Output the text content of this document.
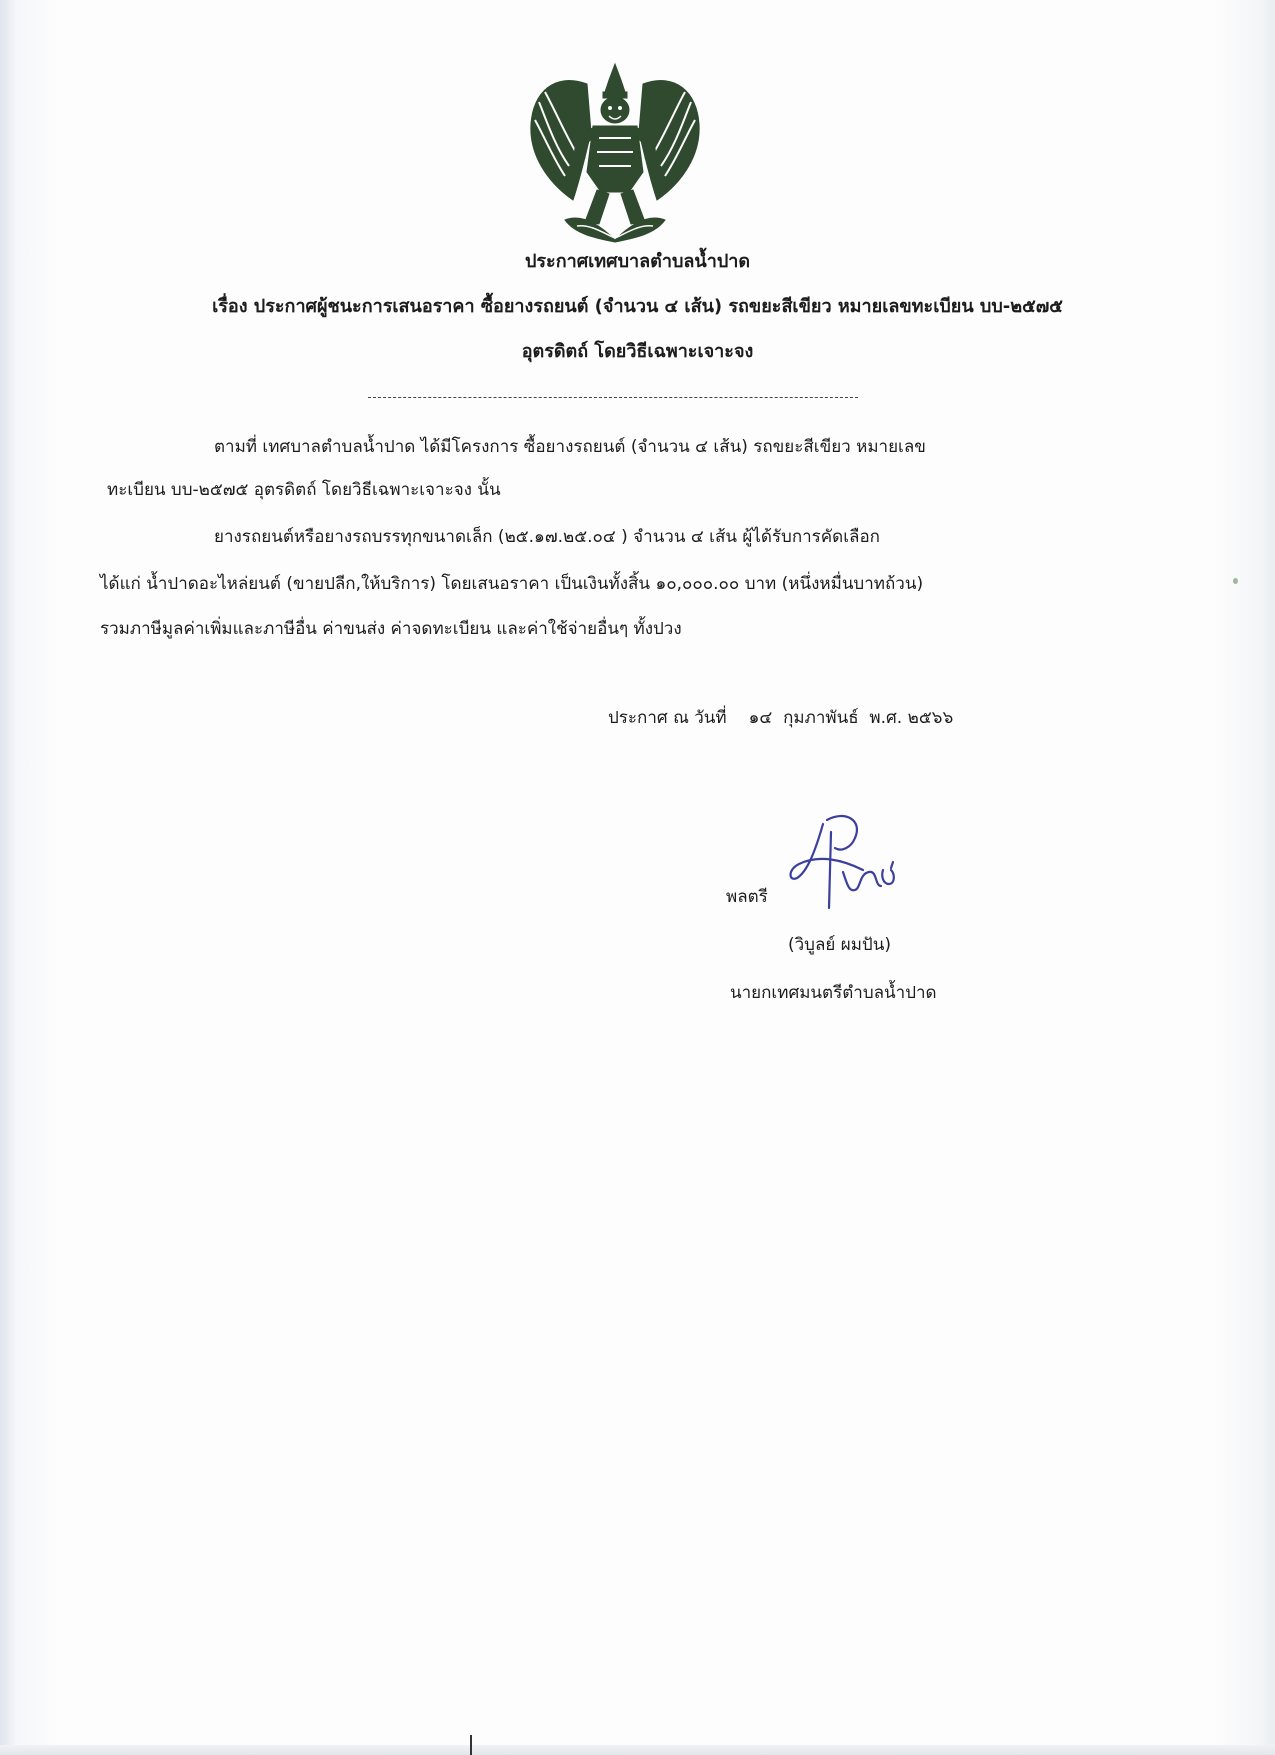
ประกาศเทศบาลตำบลน้ำปาด
เรื่อง ประกาศผู้ชนะการเสนอราคา ซื้อยางรถยนต์ (จำนวน ๔ เส้น) รถขยะสีเขียว หมายเลขทะเบียน บบ-๒๕๗๕
อุตรดิตถ์ โดยวิธีเฉพาะเจาะจง
ตามที่ เทศบาลตำบลน้ำปาด ได้มีโครงการ ซื้อยางรถยนต์ (จำนวน ๔ เส้น) รถขยะสีเขียว หมายเลข
ทะเบียน บบ-๒๕๗๕ อุตรดิตถ์ โดยวิธีเฉพาะเจาะจง นั้น
ยางรถยนต์หรือยางรถบรรทุกขนาดเล็ก (๒๕.๑๗.๒๕.๐๔ ) จำนวน ๔ เส้น ผู้ได้รับการคัดเลือก
ได้แก่ น้ำปาดอะไหล่ยนต์ (ขายปลีก,ให้บริการ) โดยเสนอราคา เป็นเงินทั้งสิ้น ๑๐,๐๐๐.๐๐ บาท (หนึ่งหมื่นบาทถ้วน)
รวมภาษีมูลค่าเพิ่มและภาษีอื่น ค่าขนส่ง ค่าจดทะเบียน และค่าใช้จ่ายอื่นๆ ทั้งปวง
ประกาศ ณ วันที่ ๑๔ กุมภาพันธ์ พ.ศ. ๒๕๖๖
พลตรี
(วิบูลย์ ผมปัน)
นายกเทศมนตรีตำบลน้ำปาด
